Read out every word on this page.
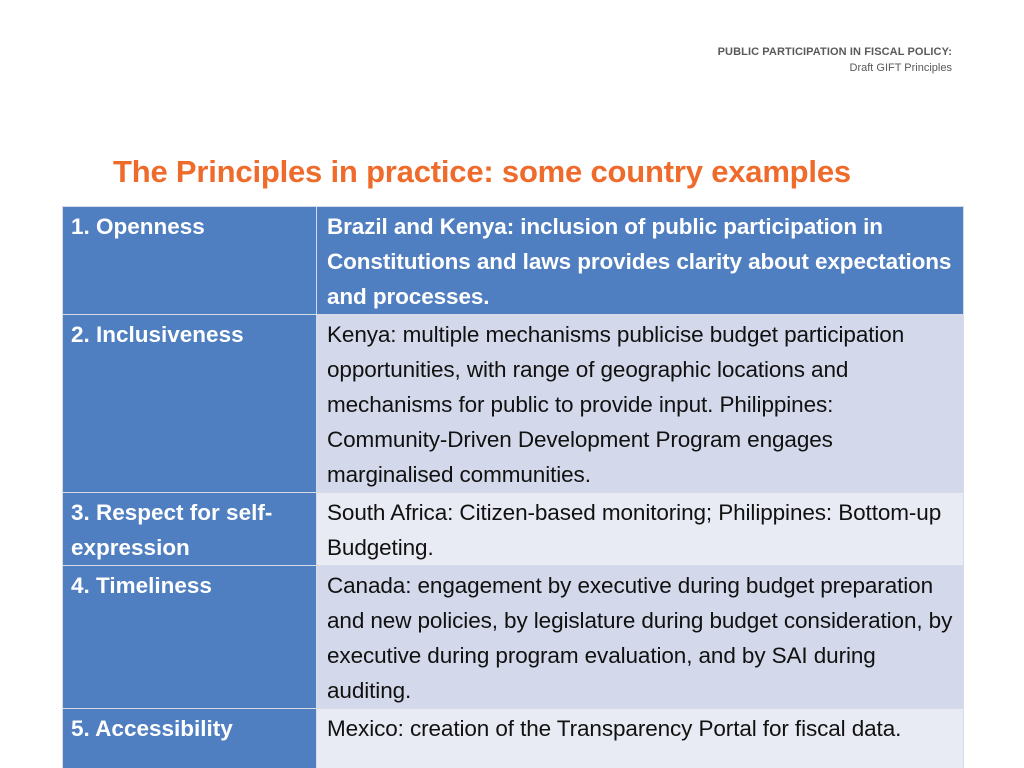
PUBLIC PARTICIPATION IN FISCAL POLICY:
Draft GIFT Principles
The Principles in practice: some country examples
1. Openness	Brazil and Kenya: inclusion of public participation in Constitutions and laws provides clarity about expectations and processes.
2. Inclusiveness	Kenya: multiple mechanisms publicise budget participation opportunities, with range of geographic locations and mechanisms for public to provide input. Philippines: Community-Driven Development Program engages marginalised communities.
3. Respect for self-expression	South Africa: Citizen-based monitoring; Philippines: Bottom-up Budgeting.
4. Timeliness	Canada: engagement by executive during budget preparation and new policies, by legislature during budget consideration, by executive during program evaluation, and by SAI during auditing.
5. Accessibility	Mexico: creation of the Transparency Portal for fiscal data.
